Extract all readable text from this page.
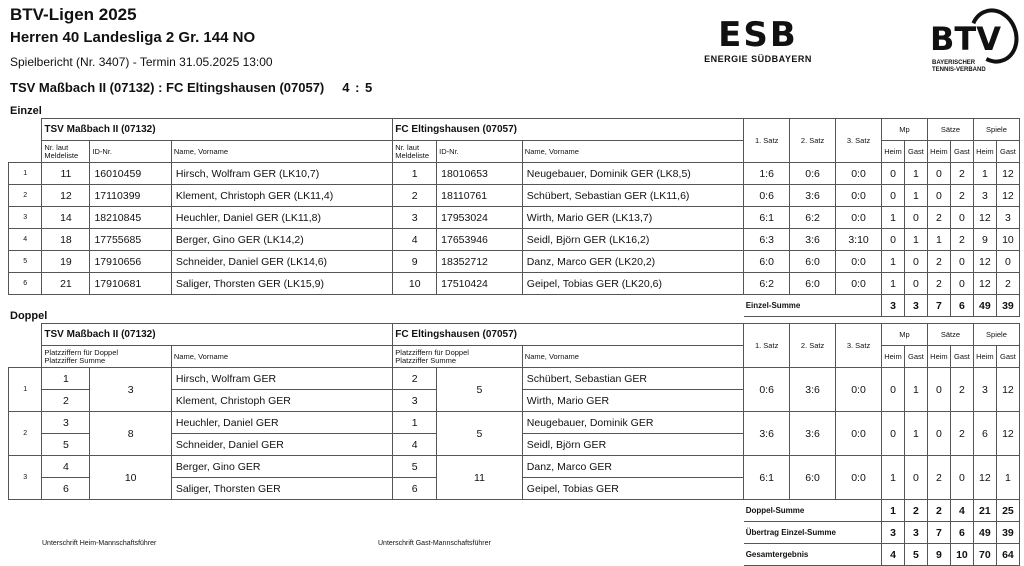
BTV-Ligen 2025
Herren 40 Landesliga 2 Gr. 144 NO
Spielbericht (Nr. 3407) - Termin 31.05.2025 13:00
TSV Maßbach II (07132) : FC Eltingshausen (07057) 4 : 5
ESB
ENERGIE SÜDBAYERN
BTV
BAYERISCHER
TENNIS-VERBAND
Einzel
	TSV Maßbach II (07132)			FC Eltingshausen (07057)			1. Satz	2. Satz	3. Satz	Mp		Sätze		Spiele	
	Nr. laut Meldeliste	ID-Nr.	Name, Vorname	Nr. laut Meldeliste	ID-Nr.	Name, Vorname				Heim	Gast	Heim	Gast	Heim	Gast
1	11	16010459	Hirsch, Wolfram GER (LK10,7)	1	18010653	Neugebauer, Dominik GER (LK8,5)	1:6	0:6	0:0	0	1	0	2	1	12
2	12	17110399	Klement, Christoph GER (LK11,4)	2	18110761	Schübert, Sebastian GER (LK11,6)	0:6	3:6	0:0	0	1	0	2	3	12
3	14	18210845	Heuchler, Daniel GER (LK11,8)	3	17953024	Wirth, Mario GER (LK13,7)	6:1	6:2	0:0	1	0	2	0	12	3
4	18	17755685	Berger, Gino GER (LK14,2)	4	17653946	Seidl, Björn GER (LK16,2)	6:3	3:6	3:10	0	1	1	2	9	10
5	19	17910656	Schneider, Daniel GER (LK14,6)	9	18352712	Danz, Marco GER (LK20,2)	6:0	6:0	0:0	1	0	2	0	12	0
6	21	17910681	Saliger, Thorsten GER (LK15,9)	10	17510424	Geipel, Tobias GER (LK20,6)	6:2	6:0	0:0	1	0	2	0	12	2
							Einzel-Summe			3	3	7	6	49	39
Doppel
	TSV Maßbach II (07132)			FC Eltingshausen (07057)			1. Satz	2. Satz	3. Satz	Mp		Sätze		Spiele	
	Platzziffern für Doppel
Platzziffer Summe		Name, Vorname	Platzziffern für Doppel
Platzziffer Summe		Name, Vorname				Heim	Gast	Heim	Gast	Heim	Gast
1	1	3	Hirsch, Wolfram GER	2	5	Schübert, Sebastian GER	0:6	3:6	0:0	0	1	0	2	3	12
	2		Klement, Christoph GER	3		Wirth, Mario GER									
2	3	8	Heuchler, Daniel GER	1	5	Neugebauer, Dominik GER	3:6	3:6	0:0	0	1	0	2	6	12
	5		Schneider, Daniel GER	4		Seidl, Björn GER									
3	4	10	Berger, Gino GER	5	11	Danz, Marco GER	6:1	6:0	0:0	1	0	2	0	12	1
	6		Saliger, Thorsten GER	6		Geipel, Tobias GER									
							Doppel-Summe			1	2	2	4	21	25
							Übertrag Einzel-Summe			3	3	7	6	49	39
							Gesamtergebnis			4	5	9	10	70	64
Unterschrift Heim-Mannschaftsführer	Unterschrift Gast-Mannschaftsführer
